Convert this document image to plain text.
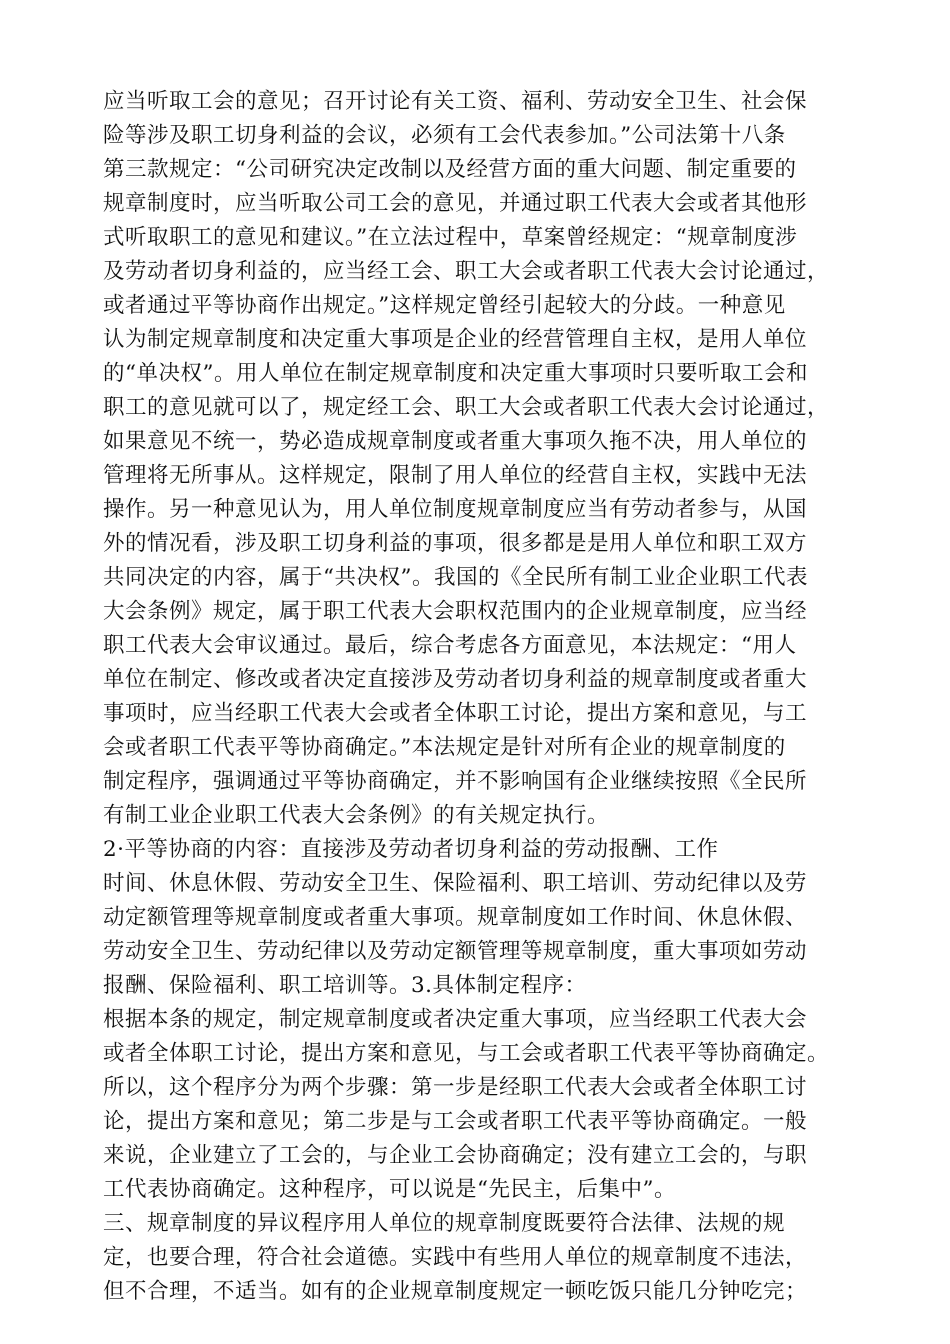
应当听取工会的意见；召开讨论有关工资、福利、劳动安全卫生、社会保
险等涉及职工切身利益的会议，必须有工会代表参加。”公司法第十八条
第三款规定：“公司研究决定改制以及经营方面的重大问题、制定重要的
规章制度时，应当听取公司工会的意见，并通过职工代表大会或者其他形
式听取职工的意见和建议。”在立法过程中，草案曾经规定：“规章制度涉
及劳动者切身利益的，应当经工会、职工大会或者职工代表大会讨论通过，
或者通过平等协商作出规定。”这样规定曾经引起较大的分歧。一种意见
认为制定规章制度和决定重大事项是企业的经营管理自主权，是用人单位
的“单决权”。用人单位在制定规章制度和决定重大事项时只要听取工会和
职工的意见就可以了，规定经工会、职工大会或者职工代表大会讨论通过，
如果意见不统一，势必造成规章制度或者重大事项久拖不决，用人单位的
管理将无所事从。这样规定，限制了用人单位的经营自主权，实践中无法
操作。另一种意见认为，用人单位制度规章制度应当有劳动者参与，从国
外的情况看，涉及职工切身利益的事项，很多都是是用人单位和职工双方
共同决定的内容，属于“共决权”。我国的《全民所有制工业企业职工代表
大会条例》规定，属于职工代表大会职权范围内的企业规章制度，应当经
职工代表大会审议通过。最后，综合考虑各方面意见，本法规定：“用人
单位在制定、修改或者决定直接涉及劳动者切身利益的规章制度或者重大
事项时，应当经职工代表大会或者全体职工讨论，提出方案和意见，与工
会或者职工代表平等协商确定。”本法规定是针对所有企业的规章制度的
制定程序，强调通过平等协商确定，并不影响国有企业继续按照《全民所
有制工业企业职工代表大会条例》的有关规定执行。
2·平等协商的内容：直接涉及劳动者切身利益的劳动报酬、工作
时间、休息休假、劳动安全卫生、保险福利、职工培训、劳动纪律以及劳
动定额管理等规章制度或者重大事项。规章制度如工作时间、休息休假、
劳动安全卫生、劳动纪律以及劳动定额管理等规章制度，重大事项如劳动
报酬、保险福利、职工培训等。3.具体制定程序：
根据本条的规定，制定规章制度或者决定重大事项，应当经职工代表大会
或者全体职工讨论，提出方案和意见，与工会或者职工代表平等协商确定。
所以，这个程序分为两个步骤：第一步是经职工代表大会或者全体职工讨
论，提出方案和意见；第二步是与工会或者职工代表平等协商确定。一般
来说，企业建立了工会的，与企业工会协商确定；没有建立工会的，与职
工代表协商确定。这种程序，可以说是“先民主，后集中”。
三、规章制度的异议程序用人单位的规章制度既要符合法律、法规的规
定，也要合理，符合社会道德。实践中有些用人单位的规章制度不违法，
但不合理，不适当。如有的企业规章制度规定一顿吃饭只能几分钟吃完；
